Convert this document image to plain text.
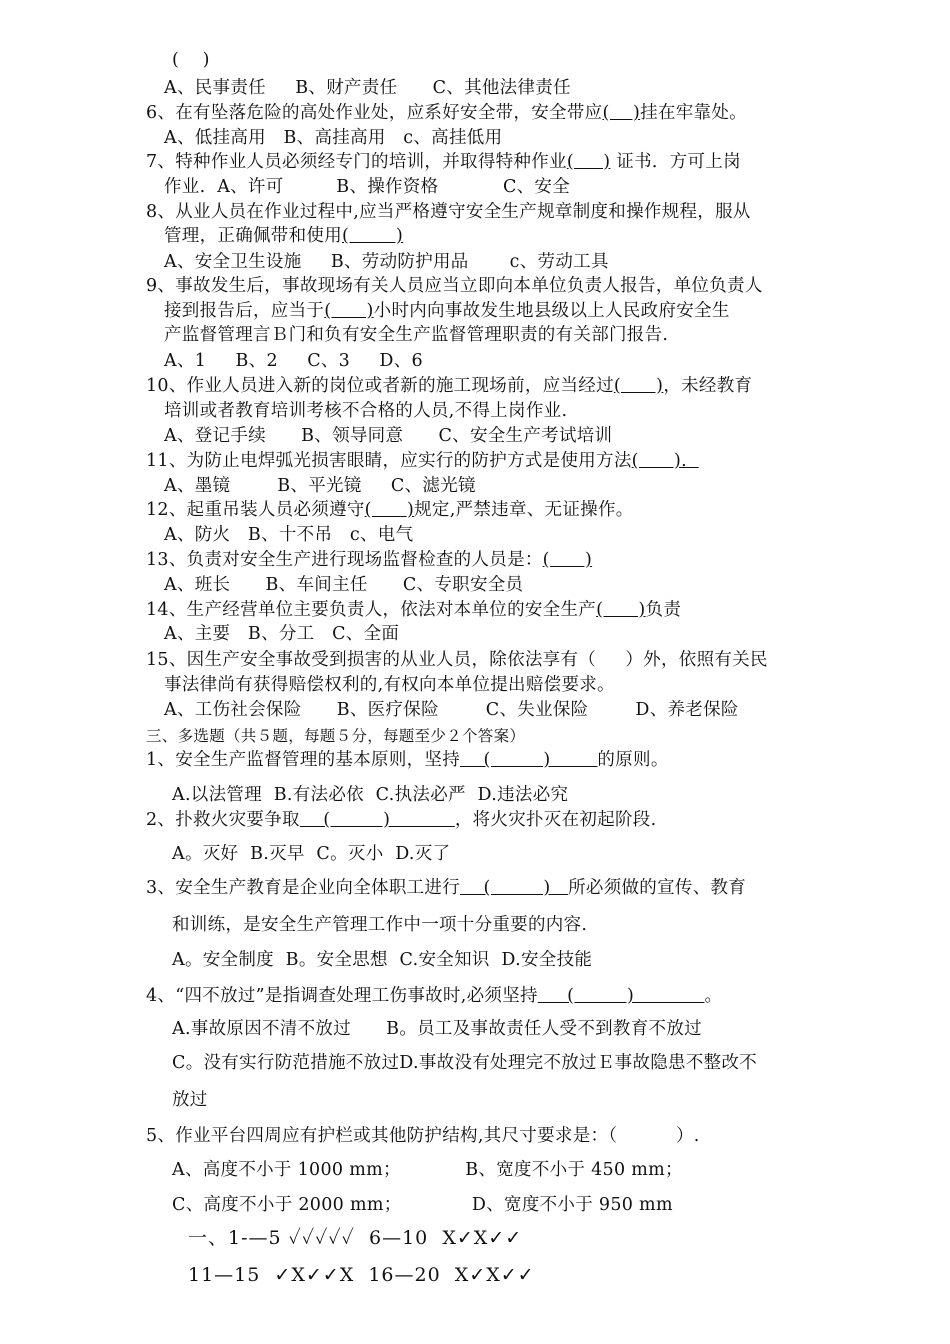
(    )
A、民事责任     B、财产责任      C、其他法律责任
6、在有坠落危险的高处作业处，应系好安全带，安全带应(    )挂在牢靠处。
A、低挂高用   B、高挂高用   c、高挂低用
7、特种作业人员必须经专门的培训，并取得特种作业(     ) 证书．方可上岗
作业.  A、许可         B、操作资格           C、安全
8、从业人员在作业过程中,应当严格遵守安全生产规章制度和操作规程，服从
管理，正确佩带和使用(        )
A、安全卫生设施     B、劳动防护用品       c、劳动工具
9、事故发生后，事故现场有关人员应当立即向本单位负责人报告，单位负责人
接到报告后，应当于(      )小时内向事故发生地县级以上人民政府安全生
产监督管理言Ｂ门和负有安全生产监督管理职责的有关部门报告.
A、1     B、2     C、3     D、6
10、作业人员进入新的岗位或者新的施工现场前，应当经过(      )，未经教育
培训或者教育培训考核不合格的人员,不得上岗作业.
A、登记手续      B、领导同意      C、安全生产考试培训
11、为防止电焊弧光损害眼睛，应实行的防护方式是使用方法(      ).
A、墨镜        B、平光镜     C、滤光镜
12、起重吊装人员必须遵守(      )规定,严禁违章、无证操作。
A、防火   B、十不吊   c、电气
13、负责对安全生产进行现场监督检查的人员是：(      )
A、班长      B、车间主任      C、专职安全员
14、生产经营单位主要负责人，依法对本单位的安全生产(      )负责
A、主要   B、分工   C、全面
15、因生产安全事故受到损害的从业人员，除依法享有（     ）外，依照有关民
事法律尚有获得赔偿权利的,有权向本单位提出赔偿要求。
A、工伤社会保险      B、医疗保险        C、失业保险        D、养老保险
三、多选题（共５题，每题５分，每题至少２个答案）
1、安全生产监督管理的基本原则，坚持    (         )        的原则。
A.以法管理  B.有法必依  C.执法必严  D.违法必究
2、扑救火灾要争取    (         )           ，将火灾扑灭在初起阶段.
A。灭好  B.灭早  C。灭小  D.灭了
3、安全生产教育是企业向全体职工进行    (         )   所必须做的宣传、教育
和训练，是安全生产管理工作中一项十分重要的内容.
A。安全制度  B。安全思想  C.安全知识  D.安全技能
4、“四不放过”是指调查处理工伤事故时,必须坚持     (         )            。
A.事故原因不清不放过      B。员工及事故责任人受不到教育不放过
C。没有实行防范措施不放过D.事故没有处理完不放过Ｅ事故隐患不整改不
放过
5、作业平台四周应有护栏或其他防护结构,其尺寸要求是：（          ）.
A、高度不小于 1000 mm；           B、宽度不小于 450 mm；
C、高度不小于 2000 mm；            D、宽度不小于 950 mm
一、1-—5 ✓✓✓✓✓  6—10  X✓X✓✓
11—15  ✓X✓✓X  16—20  X✓X✓✓
